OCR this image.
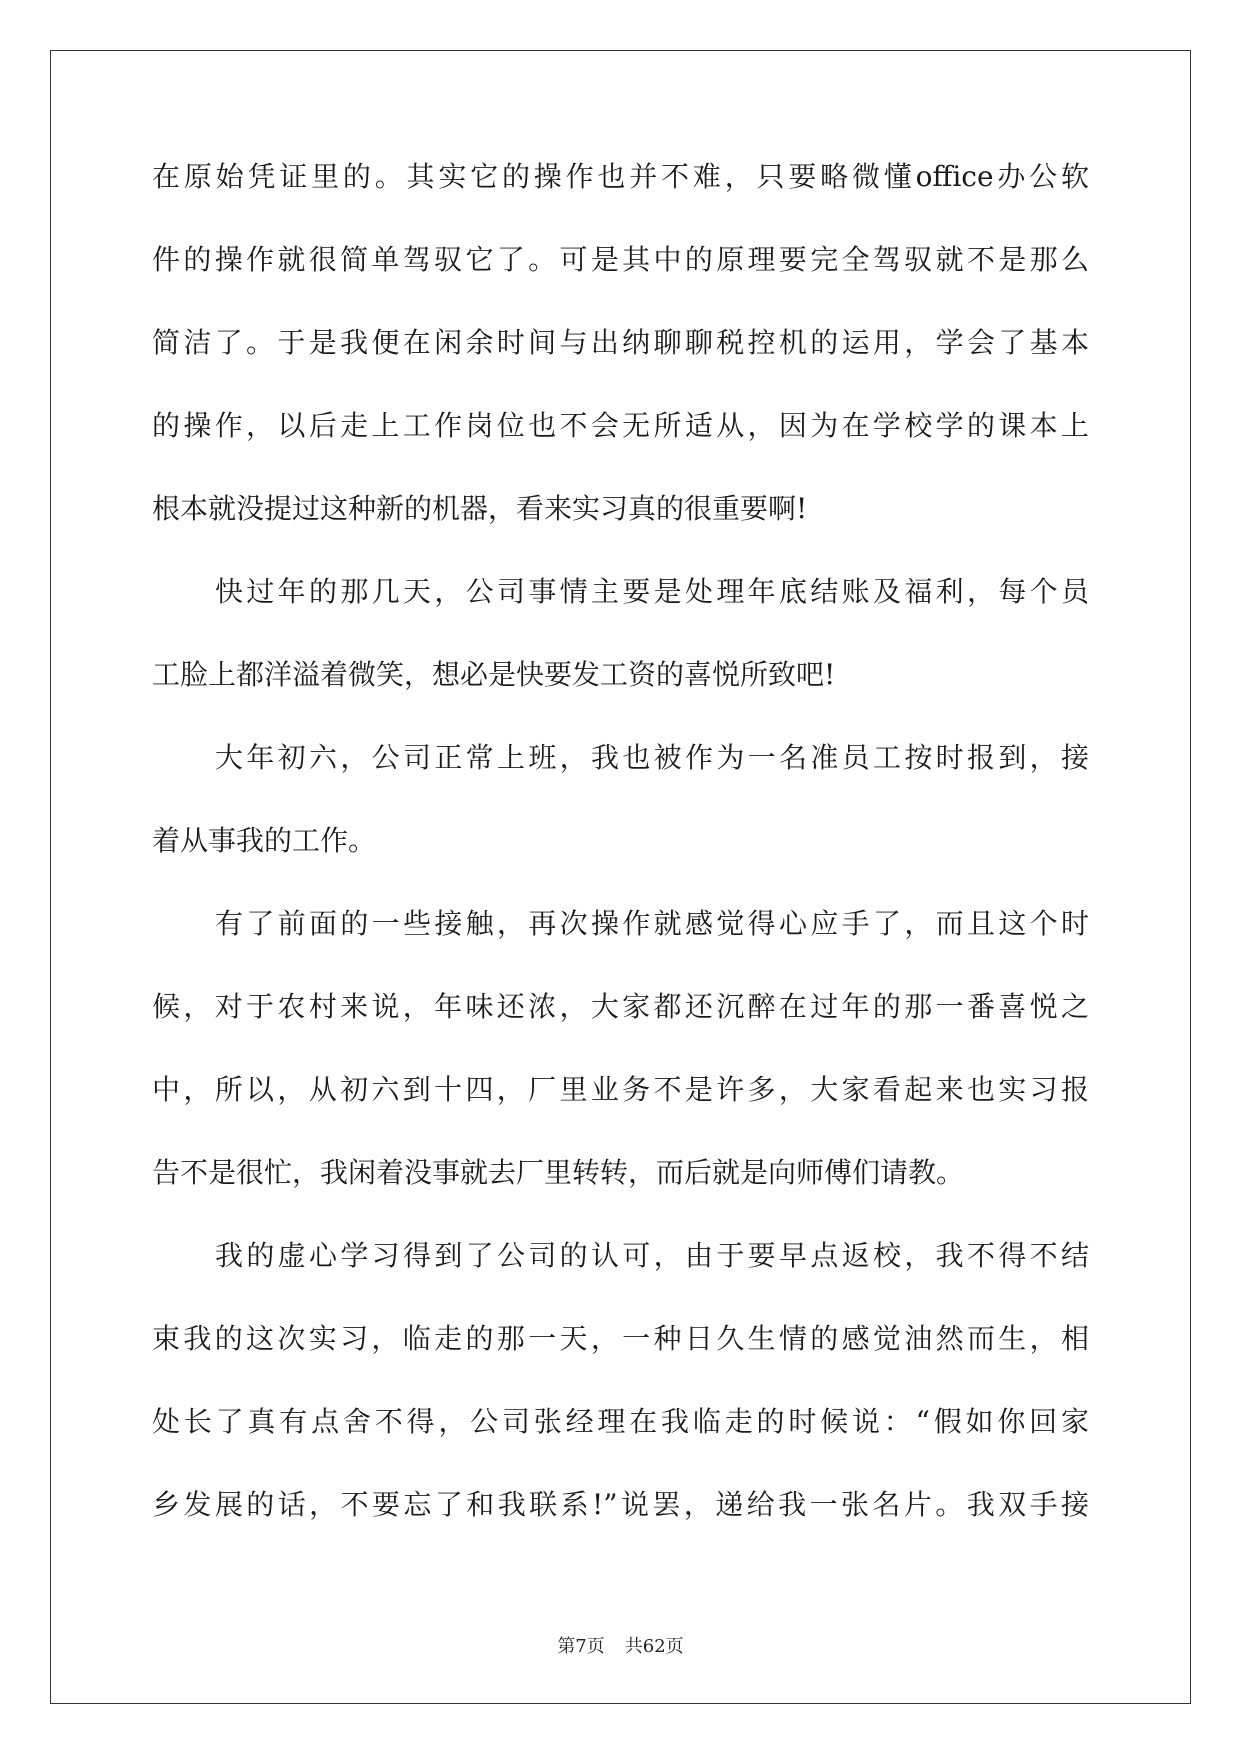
在原始凭证里的。其实它的操作也并不难，只要略微懂office办公软
件的操作就很简单驾驭它了。可是其中的原理要完全驾驭就不是那么
简洁了。于是我便在闲余时间与出纳聊聊税控机的运用，学会了基本
的操作，以后走上工作岗位也不会无所适从，因为在学校学的课本上
根本就没提过这种新的机器，看来实习真的很重要啊!
快过年的那几天，公司事情主要是处理年底结账及福利，每个员
工脸上都洋溢着微笑，想必是快要发工资的喜悦所致吧!
大年初六，公司正常上班，我也被作为一名准员工按时报到，接
着从事我的工作。
有了前面的一些接触，再次操作就感觉得心应手了，而且这个时
候，对于农村来说，年味还浓，大家都还沉醉在过年的那一番喜悦之
中，所以，从初六到十四，厂里业务不是许多，大家看起来也实习报
告不是很忙，我闲着没事就去厂里转转，而后就是向师傅们请教。
我的虚心学习得到了公司的认可，由于要早点返校，我不得不结
束我的这次实习，临走的那一天，一种日久生情的感觉油然而生，相
处长了真有点舍不得，公司张经理在我临走的时候说：“假如你回家
乡发展的话，不要忘了和我联系!”说罢，递给我一张名片。我双手接
第7页 共62页
